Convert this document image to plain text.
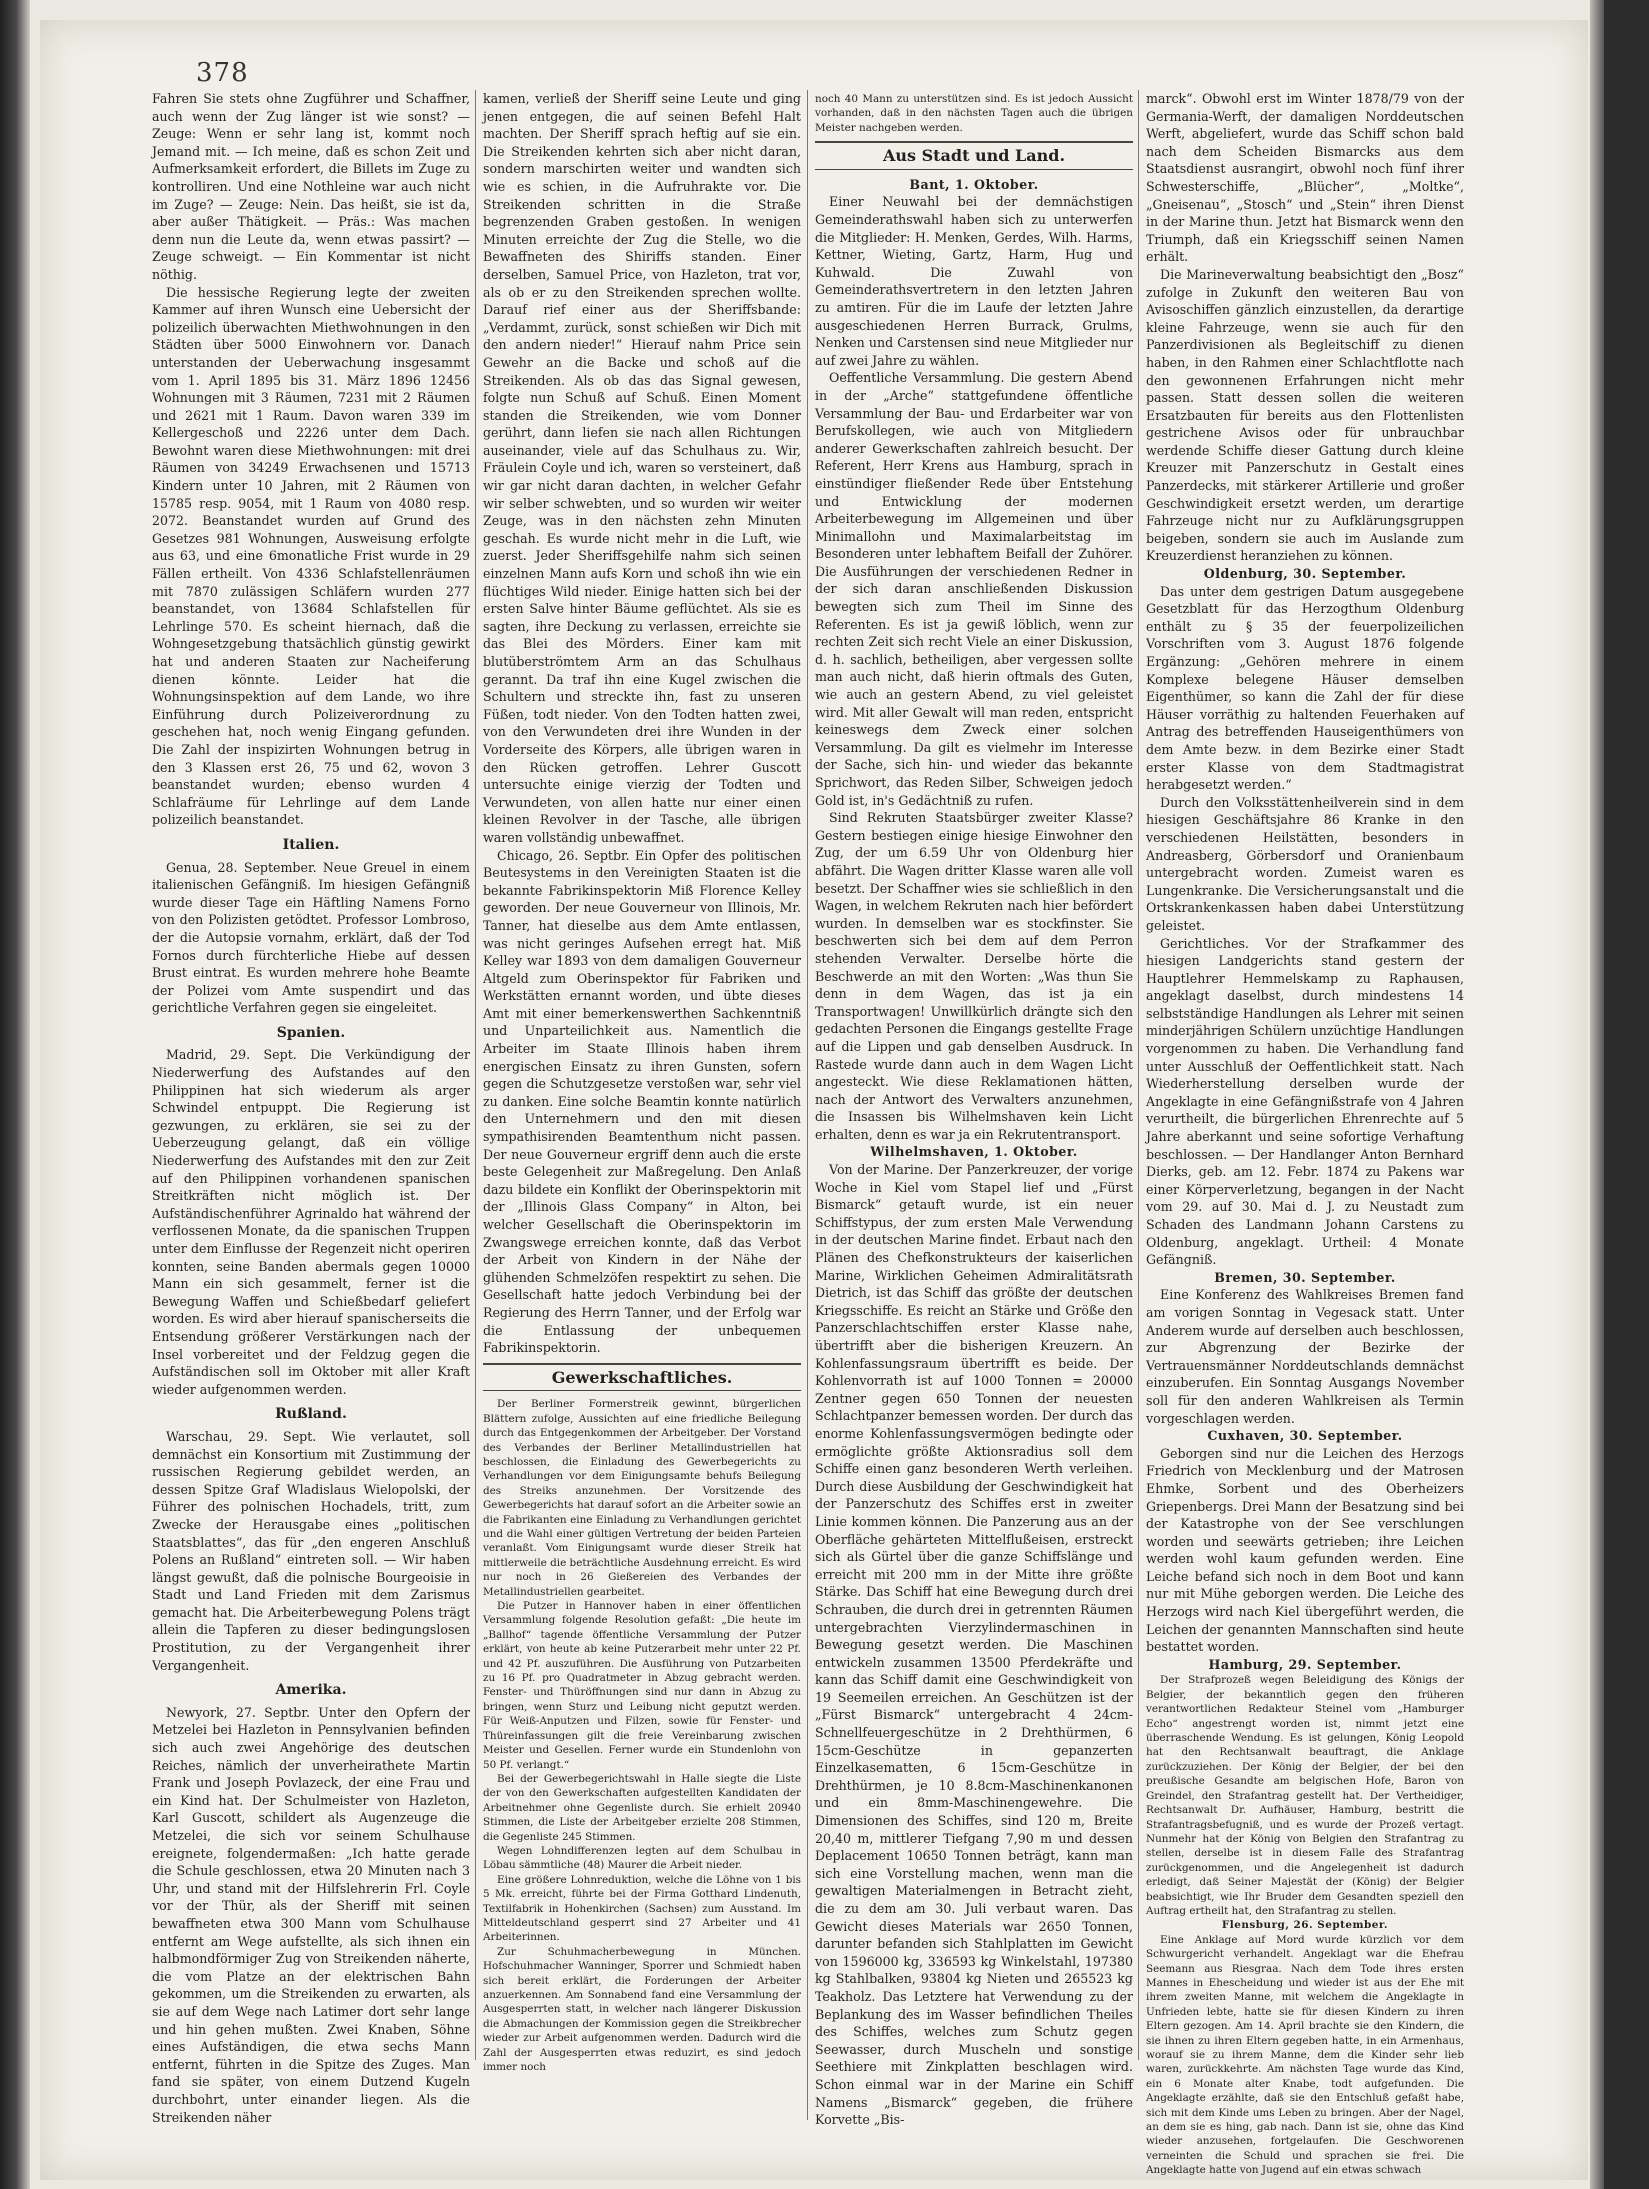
378

Fahren Sie stets ohne Zugführer und Schaffner, auch wenn der Zug länger ist wie sonst? — Zeuge: Wenn er sehr lang ist, kommt noch Jemand mit. — Ich meine, daß es schon Zeit und Aufmerksamkeit erfordert, die Billets im Zuge zu kontrolliren. Und eine Nothleine war auch nicht im Zuge? — Zeuge: Nein. Das heißt, sie ist da, aber außer Thätigkeit. — Präs.: Was machen denn nun die Leute da, wenn etwas passirt? — Zeuge schweigt. — Ein Kommentar ist nicht nöthig.

Die hessische Regierung legte der zweiten Kammer auf ihren Wunsch eine Uebersicht der polizeilich überwachten Miethwohnungen in den Städten über 5000 Einwohnern vor. Danach unterstanden der Ueberwachung insgesammt vom 1. April 1895 bis 31. März 1896 12456 Wohnungen mit 3 Räumen, 7231 mit 2 Räumen und 2621 mit 1 Raum. Davon waren 339 im Kellergeschoß und 2226 unter dem Dach. Bewohnt waren diese Miethwohnungen: mit drei Räumen von 34249 Erwachsenen und 15713 Kindern unter 10 Jahren, mit 2 Räumen von 15785 resp. 9054, mit 1 Raum von 4080 resp. 2072. Beanstandet wurden auf Grund des Gesetzes 981 Wohnungen, Ausweisung erfolgte aus 63, und eine 6monatliche Frist wurde in 29 Fällen ertheilt. Von 4336 Schlafstellenräumen mit 7870 zulässigen Schläfern wurden 277 beanstandet, von 13684 Schlafstellen für Lehrlinge 570. Es scheint hiernach, daß die Wohngesetzgebung thatsächlich günstig gewirkt hat und anderen Staaten zur Nacheiferung dienen könnte. Leider hat die Wohnungsinspektion auf dem Lande, wo ihre Einführung durch Polizeiverordnung zu geschehen hat, noch wenig Eingang gefunden. Die Zahl der inspizirten Wohnungen betrug in den 3 Klassen erst 26, 75 und 62, wovon 3 beanstandet wurden; ebenso wurden 4 Schlafräume für Lehrlinge auf dem Lande polizeilich beanstandet.

Italien.

Genua, 28. September. Neue Greuel in einem italienischen Gefängniß. Im hiesigen Gefängniß wurde dieser Tage ein Häftling Namens Forno von den Polizisten getödtet. Professor Lombroso, der die Autopsie vornahm, erklärt, daß der Tod Fornos durch fürchterliche Hiebe auf dessen Brust eintrat. Es wurden mehrere hohe Beamte der Polizei vom Amte suspendirt und das gerichtliche Verfahren gegen sie eingeleitet.

Spanien.

Madrid, 29. Sept. Die Verkündigung der Niederwerfung des Aufstandes auf den Philippinen hat sich wiederum als arger Schwindel entpuppt. Die Regierung ist gezwungen, zu erklären, sie sei zu der Ueberzeugung gelangt, daß ein völlige Niederwerfung des Aufstandes mit den zur Zeit auf den Philippinen vorhandenen spanischen Streitkräften nicht möglich ist. Der Aufständischenführer Agrinaldo hat während der verflossenen Monate, da die spanischen Truppen unter dem Einflusse der Regenzeit nicht operiren konnten, seine Banden abermals gegen 10000 Mann ein sich gesammelt, ferner ist die Bewegung Waffen und Schießbedarf geliefert worden. Es wird aber hierauf spanischerseits die Entsendung größerer Verstärkungen nach der Insel vorbereitet und der Feldzug gegen die Aufständischen soll im Oktober mit aller Kraft wieder aufgenommen werden.

Rußland.

Warschau, 29. Sept. Wie verlautet, soll demnächst ein Konsortium mit Zustimmung der russischen Regierung gebildet werden, an dessen Spitze Graf Wladislaus Wielopolski, der Führer des polnischen Hochadels, tritt, zum Zwecke der Herausgabe eines „politischen Staatsblattes“, das für „den engeren Anschluß Polens an Rußland“ eintreten soll. — Wir haben längst gewußt, daß die polnische Bourgeoisie in Stadt und Land Frieden mit dem Zarismus gemacht hat. Die Arbeiterbewegung Polens trägt allein die Tapferen zu dieser bedingungslosen Prostitution, zu der Vergangenheit ihrer Vergangenheit.

Amerika.

Newyork, 27. Septbr. Unter den Opfern der Metzelei bei Hazleton in Pennsylvanien befinden sich auch zwei Angehörige des deutschen Reiches, nämlich der unverheirathete Martin Frank und Joseph Povlazeck, der eine Frau und ein Kind hat. Der Schulmeister von Hazleton, Karl Guscott, schildert als Augenzeuge die Metzelei, die sich vor seinem Schulhause ereignete, folgendermaßen: „Ich hatte gerade die Schule geschlossen, etwa 20 Minuten nach 3 Uhr, und stand mit der Hilfslehrerin Frl. Coyle vor der Thür, als der Sheriff mit seinen bewaffneten etwa 300 Mann vom Schulhause entfernt am Wege aufstellte, als sich ihnen ein halbmondförmiger Zug von Streikenden näherte, die vom Platze an der elektrischen Bahn gekommen, um die Streikenden zu erwarten, als sie auf dem Wege nach Latimer dort sehr lange und hin gehen mußten. Zwei Knaben, Söhne eines Aufständigen, die etwa sechs Mann entfernt, führten in die Spitze des Zuges. Man fand sie später, von einem Dutzend Kugeln durchbohrt, unter einander liegen. Als die Streikenden näher

kamen, verließ der Sheriff seine Leute und ging jenen entgegen, die auf seinen Befehl Halt machten. Der Sheriff sprach heftig auf sie ein. Die Streikenden kehrten sich aber nicht daran, sondern marschirten weiter und wandten sich wie es schien, in die Aufruhrakte vor. Die Streikenden schritten in die Straße begrenzenden Graben gestoßen. In wenigen Minuten erreichte der Zug die Stelle, wo die Bewaffneten des Shiriffs standen. Einer derselben, Samuel Price, von Hazleton, trat vor, als ob er zu den Streikenden sprechen wollte. Darauf rief einer aus der Sheriffsbande: „Verdammt, zurück, sonst schießen wir Dich mit den andern nieder!“ Hierauf nahm Price sein Gewehr an die Backe und schoß auf die Streikenden. Als ob das das Signal gewesen, folgte nun Schuß auf Schuß. Einen Moment standen die Streikenden, wie vom Donner gerührt, dann liefen sie nach allen Richtungen auseinander, viele auf das Schulhaus zu. Wir, Fräulein Coyle und ich, waren so versteinert, daß wir gar nicht daran dachten, in welcher Gefahr wir selber schwebten, und so wurden wir weiter Zeuge, was in den nächsten zehn Minuten geschah. Es wurde nicht mehr in die Luft, wie zuerst. Jeder Sheriffsgehilfe nahm sich seinen einzelnen Mann aufs Korn und schoß ihn wie ein flüchtiges Wild nieder. Einige hatten sich bei der ersten Salve hinter Bäume geflüchtet. Als sie es sagten, ihre Deckung zu verlassen, erreichte sie das Blei des Mörders. Einer kam mit blutüberströmtem Arm an das Schulhaus gerannt. Da traf ihn eine Kugel zwischen die Schultern und streckte ihn, fast zu unseren Füßen, todt nieder. Von den Todten hatten zwei, von den Verwundeten drei ihre Wunden in der Vorderseite des Körpers, alle übrigen waren in den Rücken getroffen. Lehrer Guscott untersuchte einige vierzig der Todten und Verwundeten, von allen hatte nur einer einen kleinen Revolver in der Tasche, alle übrigen waren vollständig unbewaffnet.

Chicago, 26. Septbr. Ein Opfer des politischen Beutesystems in den Vereinigten Staaten ist die bekannte Fabrikinspektorin Miß Florence Kelley geworden. Der neue Gouverneur von Illinois, Mr. Tanner, hat dieselbe aus dem Amte entlassen, was nicht geringes Aufsehen erregt hat. Miß Kelley war 1893 von dem damaligen Gouverneur Altgeld zum Oberinspektor für Fabriken und Werkstätten ernannt worden, und übte dieses Amt mit einer bemerkenswerthen Sachkenntniß und Unparteilichkeit aus. Namentlich die Arbeiter im Staate Illinois haben ihrem energischen Einsatz zu ihren Gunsten, sofern gegen die Schutzgesetze verstoßen war, sehr viel zu danken. Eine solche Beamtin konnte natürlich den Unternehmern und den mit diesen sympathisirenden Beamtenthum nicht passen. Der neue Gouverneur ergriff denn auch die erste beste Gelegenheit zur Maßregelung. Den Anlaß dazu bildete ein Konflikt der Oberinspektorin mit der „Illinois Glass Company“ in Alton, bei welcher Gesellschaft die Oberinspektorin im Zwangswege erreichen konnte, daß das Verbot der Arbeit von Kindern in der Nähe der glühenden Schmelzöfen respektirt zu sehen. Die Gesellschaft hatte jedoch Verbindung bei der Regierung des Herrn Tanner, und der Erfolg war die Entlassung der unbequemen Fabrikinspektorin.

Gewerkschaftliches.

Der Berliner Formerstreik gewinnt, bürgerlichen Blättern zufolge, Aussichten auf eine friedliche Beilegung durch das Entgegenkommen der Arbeitgeber. Der Vorstand des Verbandes der Berliner Metallindustriellen hat beschlossen, die Einladung des Gewerbegerichts zu Verhandlungen vor dem Einigungsamte behufs Beilegung des Streiks anzunehmen. Der Vorsitzende des Gewerbegerichts hat darauf sofort an die Arbeiter sowie an die Fabrikanten eine Einladung zu Verhandlungen gerichtet und die Wahl einer gültigen Vertretung der beiden Parteien veranlaßt. Vom Einigungsamt wurde dieser Streik hat mittlerweile die beträchtliche Ausdehnung erreicht. Es wird nur noch in 26 Gießereien des Verbandes der Metallindustriellen gearbeitet.

Die Putzer in Hannover haben in einer öffentlichen Versammlung folgende Resolution gefaßt: „Die heute im „Ballhof“ tagende öffentliche Versammlung der Putzer erklärt, von heute ab keine Putzerarbeit mehr unter 22 Pf. und 42 Pf. auszuführen. Die Ausführung von Putzarbeiten zu 16 Pf. pro Quadratmeter in Abzug gebracht werden. Fenster- und Thüröffnungen sind nur dann in Abzug zu bringen, wenn Sturz und Leibung nicht geputzt werden. Für Weiß-Anputzen und Filzen, sowie für Fenster- und Thüreinfassungen gilt die freie Vereinbarung zwischen Meister und Gesellen. Ferner wurde ein Stundenlohn von 50 Pf. verlangt.“

Bei der Gewerbegerichtswahl in Halle siegte die Liste der von den Gewerkschaften aufgestellten Kandidaten der Arbeitnehmer ohne Gegenliste durch. Sie erhielt 20940 Stimmen, die Liste der Arbeitgeber erzielte 208 Stimmen, die Gegenliste 245 Stimmen.

Wegen Lohndifferenzen legten auf dem Schulbau in Löbau sämmtliche (48) Maurer die Arbeit nieder.

Eine größere Lohnreduktion, welche die Löhne von 1 bis 5 Mk. erreicht, führte bei der Firma Gotthard Lindenuth, Textilfabrik in Hohenkirchen (Sachsen) zum Ausstand. Im Mitteldeutschland gesperrt sind 27 Arbeiter und 41 Arbeiterinnen.

Zur Schuhmacherbewegung in München. Hofschuhmacher Wanninger, Sporrer und Schmiedt haben sich bereit erklärt, die Forderungen der Arbeiter anzuerkennen. Am Sonnabend fand eine Versammlung der Ausgesperrten statt, in welcher nach längerer Diskussion die Abmachungen der Kommission gegen die Streikbrecher wieder zur Arbeit aufgenommen werden. Dadurch wird die Zahl der Ausgesperrten etwas reduzirt, es sind jedoch immer noch

noch 40 Mann zu unterstützen sind. Es ist jedoch Aussicht vorhanden, daß in den nächsten Tagen auch die übrigen Meister nachgeben werden.

Aus Stadt und Land.

Bant, 1. Oktober.

Einer Neuwahl bei der demnächstigen Gemeinderathswahl haben sich zu unterwerfen die Mitglieder: H. Menken, Gerdes, Wilh. Harms, Kettner, Wieting, Gartz, Harm, Hug und Kuhwald. Die Zuwahl von Gemeinderathsvertretern in den letzten Jahren zu amtiren. Für die im Laufe der letzten Jahre ausgeschiedenen Herren Burrack, Grulms, Nenken und Carstensen sind neue Mitglieder nur auf zwei Jahre zu wählen.

Oeffentliche Versammlung. Die gestern Abend in der „Arche“ stattgefundene öffentliche Versammlung der Bau- und Erdarbeiter war von Berufskollegen, wie auch von Mitgliedern anderer Gewerkschaften zahlreich besucht. Der Referent, Herr Krens aus Hamburg, sprach in einstündiger fließender Rede über Entstehung und Entwicklung der modernen Arbeiterbewegung im Allgemeinen und über Minimallohn und Maximalarbeitstag im Besonderen unter lebhaftem Beifall der Zuhörer. Die Ausführungen der verschiedenen Redner in der sich daran anschließenden Diskussion bewegten sich zum Theil im Sinne des Referenten. Es ist ja gewiß löblich, wenn zur rechten Zeit sich recht Viele an einer Diskussion, d. h. sachlich, betheiligen, aber vergessen sollte man auch nicht, daß hierin oftmals des Guten, wie auch an gestern Abend, zu viel geleistet wird. Mit aller Gewalt will man reden, entspricht keineswegs dem Zweck einer solchen Versammlung. Da gilt es vielmehr im Interesse der Sache, sich hin- und wieder das bekannte Sprichwort, das Reden Silber, Schweigen jedoch Gold ist, in's Gedächtniß zu rufen.

Sind Rekruten Staatsbürger zweiter Klasse? Gestern bestiegen einige hiesige Einwohner den Zug, der um 6.59 Uhr von Oldenburg hier abfährt. Die Wagen dritter Klasse waren alle voll besetzt. Der Schaffner wies sie schließlich in den Wagen, in welchem Rekruten nach hier befördert wurden. In demselben war es stockfinster. Sie beschwerten sich bei dem auf dem Perron stehenden Verwalter. Derselbe hörte die Beschwerde an mit den Worten: „Was thun Sie denn in dem Wagen, das ist ja ein Transportwagen! Unwillkürlich drängte sich den gedachten Personen die Eingangs gestellte Frage auf die Lippen und gab denselben Ausdruck. In Rastede wurde dann auch in dem Wagen Licht angesteckt. Wie diese Reklamationen hätten, nach der Antwort des Verwalters anzunehmen, die Insassen bis Wilhelmshaven kein Licht erhalten, denn es war ja ein Rekrutentransport.

Wilhelmshaven, 1. Oktober.

Von der Marine. Der Panzerkreuzer, der vorige Woche in Kiel vom Stapel lief und „Fürst Bismarck“ getauft wurde, ist ein neuer Schiffstypus, der zum ersten Male Verwendung in der deutschen Marine findet. Erbaut nach den Plänen des Chefkonstrukteurs der kaiserlichen Marine, Wirklichen Geheimen Admiralitätsrath Dietrich, ist das Schiff das größte der deutschen Kriegsschiffe. Es reicht an Stärke und Größe den Panzerschlachtschiffen erster Klasse nahe, übertrifft aber die bisherigen Kreuzern. An Kohlenfassungsraum übertrifft es beide. Der Kohlenvorrath ist auf 1000 Tonnen = 20000 Zentner gegen 650 Tonnen der neuesten Schlachtpanzer bemessen worden. Der durch das enorme Kohlenfassungsvermögen bedingte oder ermöglichte größte Aktionsradius soll dem Schiffe einen ganz besonderen Werth verleihen. Durch diese Ausbildung der Geschwindigkeit hat der Panzerschutz des Schiffes erst in zweiter Linie kommen können. Die Panzerung aus an der Oberfläche gehärteten Mittelflußeisen, erstreckt sich als Gürtel über die ganze Schiffslänge und erreicht mit 200 mm in der Mitte ihre größte Stärke. Das Schiff hat eine Bewegung durch drei Schrauben, die durch drei in getrennten Räumen untergebrachten Vierzylindermaschinen in Bewegung gesetzt werden. Die Maschinen entwickeln zusammen 13500 Pferdekräfte und kann das Schiff damit eine Geschwindigkeit von 19 Seemeilen erreichen. An Geschützen ist der „Fürst Bismarck“ untergebracht 4 24cm-Schnellfeuergeschütze in 2 Drehthürmen, 6 15cm-Geschütze in gepanzerten Einzelkasematten, 6 15cm-Geschütze in Drehthürmen, je 10 8.8cm-Maschinenkanonen und ein 8mm-Maschinengewehre. Die Dimensionen des Schiffes, sind 120 m, Breite 20,40 m, mittlerer Tiefgang 7,90 m und dessen Deplacement 10650 Tonnen beträgt, kann man sich eine Vorstellung machen, wenn man die gewaltigen Materialmengen in Betracht zieht, die zu dem am 30. Juli verbaut waren. Das Gewicht dieses Materials war 2650 Tonnen, darunter befanden sich Stahlplatten im Gewicht von 1596000 kg, 336593 kg Winkelstahl, 197380 kg Stahlbalken, 93804 kg Nieten und 265523 kg Teakholz. Das Letztere hat Verwendung zu der Beplankung des im Wasser befindlichen Theiles des Schiffes, welches zum Schutz gegen Seewasser, durch Muscheln und sonstige Seethiere mit Zinkplatten beschlagen wird. Schon einmal war in der Marine ein Schiff Namens „Bismarck“ gegeben, die frühere Korvette „Bis-

marck“. Obwohl erst im Winter 1878/79 von der Germania-Werft, der damaligen Norddeutschen Werft, abgeliefert, wurde das Schiff schon bald nach dem Scheiden Bismarcks aus dem Staatsdienst ausrangirt, obwohl noch fünf ihrer Schwesterschiffe, „Blücher“, „Moltke“, „Gneisenau“, „Stosch“ und „Stein“ ihren Dienst in der Marine thun. Jetzt hat Bismarck wenn den Triumph, daß ein Kriegsschiff seinen Namen erhält.

Die Marineverwaltung beabsichtigt den „Bosz“ zufolge in Zukunft den weiteren Bau von Avisoschiffen gänzlich einzustellen, da derartige kleine Fahrzeuge, wenn sie auch für den Panzerdivisionen als Begleitschiff zu dienen haben, in den Rahmen einer Schlachtflotte nach den gewonnenen Erfahrungen nicht mehr passen. Statt dessen sollen die weiteren Ersatzbauten für bereits aus den Flottenlisten gestrichene Avisos oder für unbrauchbar werdende Schiffe dieser Gattung durch kleine Kreuzer mit Panzerschutz in Gestalt eines Panzerdecks, mit stärkerer Artillerie und großer Geschwindigkeit ersetzt werden, um derartige Fahrzeuge nicht nur zu Aufklärungsgruppen beigeben, sondern sie auch im Auslande zum Kreuzerdienst heranziehen zu können.

Oldenburg, 30. September.

Das unter dem gestrigen Datum ausgegebene Gesetzblatt für das Herzogthum Oldenburg enthält zu § 35 der feuerpolizeilichen Vorschriften vom 3. August 1876 folgende Ergänzung: „Gehören mehrere in einem Komplexe belegene Häuser demselben Eigenthümer, so kann die Zahl der für diese Häuser vorräthig zu haltenden Feuerhaken auf Antrag des betreffenden Hauseigenthümers von dem Amte bezw. in dem Bezirke einer Stadt erster Klasse von dem Stadtmagistrat herabgesetzt werden.“

Durch den Volksstättenheilverein sind in dem hiesigen Geschäftsjahre 86 Kranke in den verschiedenen Heilstätten, besonders in Andreasberg, Görbersdorf und Oranienbaum untergebracht worden. Zumeist waren es Lungenkranke. Die Versicherungsanstalt und die Ortskrankenkassen haben dabei Unterstützung geleistet.

Gerichtliches. Vor der Strafkammer des hiesigen Landgerichts stand gestern der Hauptlehrer Hemmelskamp zu Raphausen, angeklagt daselbst, durch mindestens 14 selbstständige Handlungen als Lehrer mit seinen minderjährigen Schülern unzüchtige Handlungen vorgenommen zu haben. Die Verhandlung fand unter Ausschluß der Oeffentlichkeit statt. Nach Wiederherstellung derselben wurde der Angeklagte in eine Gefängnißstrafe von 4 Jahren verurtheilt, die bürgerlichen Ehrenrechte auf 5 Jahre aberkannt und seine sofortige Verhaftung beschlossen. — Der Handlanger Anton Bernhard Dierks, geb. am 12. Febr. 1874 zu Pakens war einer Körperverletzung, begangen in der Nacht vom 29. auf 30. Mai d. J. zu Neustadt zum Schaden des Landmann Johann Carstens zu Oldenburg, angeklagt. Urtheil: 4 Monate Gefängniß.

Bremen, 30. September.

Eine Konferenz des Wahlkreises Bremen fand am vorigen Sonntag in Vegesack statt. Unter Anderem wurde auf derselben auch beschlossen, zur Abgrenzung der Bezirke der Vertrauensmänner Norddeutschlands demnächst einzuberufen. Ein Sonntag Ausgangs November soll für den anderen Wahlkreisen als Termin vorgeschlagen werden.

Cuxhaven, 30. September.

Geborgen sind nur die Leichen des Herzogs Friedrich von Mecklenburg und der Matrosen Ehmke, Sorbent und des Oberheizers Griepenbergs. Drei Mann der Besatzung sind bei der Katastrophe von der See verschlungen worden und seewärts getrieben; ihre Leichen werden wohl kaum gefunden werden. Eine Leiche befand sich noch in dem Boot und kann nur mit Mühe geborgen werden. Die Leiche des Herzogs wird nach Kiel übergeführt werden, die Leichen der genannten Mannschaften sind heute bestattet worden.

Hamburg, 29. September.

Der Strafprozeß wegen Beleidigung des Königs der Belgier, der bekanntlich gegen den früheren verantwortlichen Redakteur Steinel vom „Hamburger Echo“ angestrengt worden ist, nimmt jetzt eine überraschende Wendung. Es ist gelungen, König Leopold hat den Rechtsanwalt beauftragt, die Anklage zurückzuziehen. Der König der Belgier, der bei den preußische Gesandte am belgischen Hofe, Baron von Greindel, den Strafantrag gestellt hat. Der Vertheidiger, Rechtsanwalt Dr. Aufhäuser, Hamburg, bestritt die Strafantragsbefugniß, und es wurde der Prozeß vertagt. Nunmehr hat der König von Belgien den Strafantrag zu stellen, derselbe ist in diesem Falle des Strafantrag zurückgenommen, und die Angelegenheit ist dadurch erledigt, daß Seiner Majestät der (König) der Belgier beabsichtigt, wie Ihr Bruder dem Gesandten speziell den Auftrag ertheilt hat, den Strafantrag zu stellen.

Flensburg, 26. September.

Eine Anklage auf Mord wurde kürzlich vor dem Schwurgericht verhandelt. Angeklagt war die Ehefrau Seemann aus Riesgraa. Nach dem Tode ihres ersten Mannes in Ehescheidung und wieder ist aus der Ehe mit ihrem zweiten Manne, mit welchem die Angeklagte in Unfrieden lebte, hatte sie für diesen Kindern zu ihren Eltern gezogen. Am 14. April brachte sie den Kindern, die sie ihnen zu ihren Eltern gegeben hatte, in ein Armenhaus, worauf sie zu ihrem Manne, dem die Kinder sehr lieb waren, zurückkehrte. Am nächsten Tage wurde das Kind, ein 6 Monate alter Knabe, todt aufgefunden. Die Angeklagte erzählte, daß sie den Entschluß gefaßt habe, sich mit dem Kinde ums Leben zu bringen. Aber der Nagel, an dem sie es hing, gab nach. Dann ist sie, ohne das Kind wieder anzusehen, fortgelaufen. Die Geschworenen verneinten die Schuld und sprachen sie frei. Die Angeklagte hatte von Jugend auf ein etwas schwach
